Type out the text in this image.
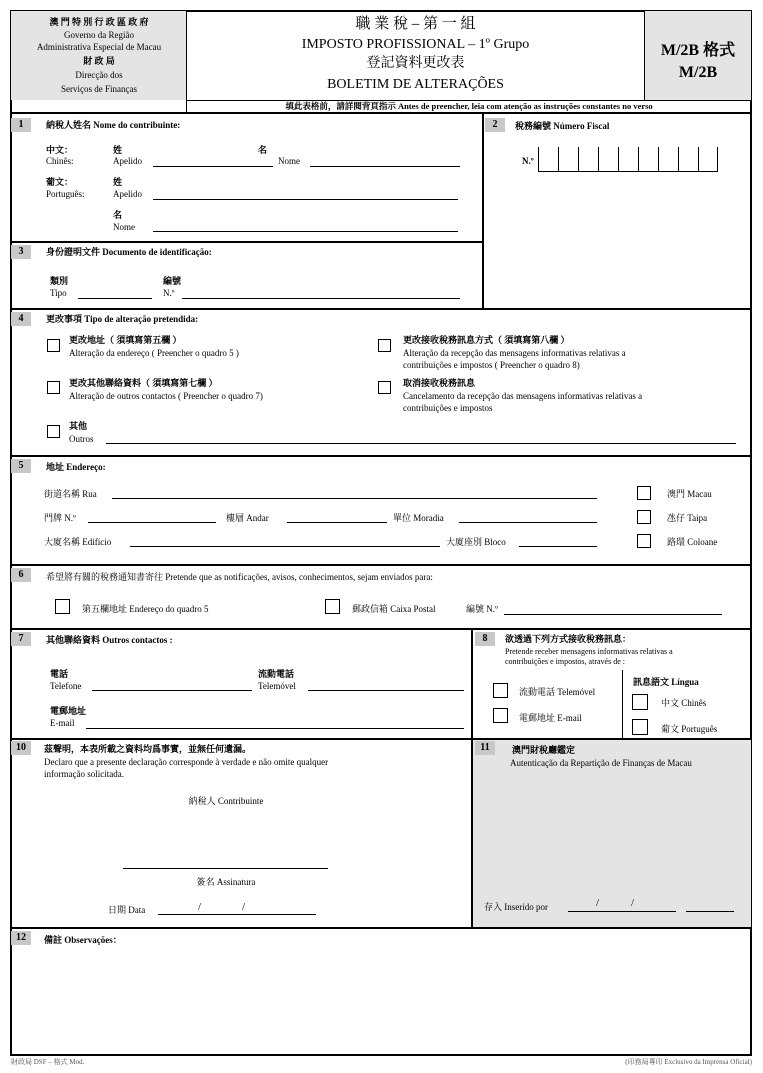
澳 門 特 別 行 政 區 政 府
Governo da Região
Administrativa Especial de Macau
財 政 局
Direcção dos
Serviços de Finanças
職 業 稅 – 第 一 組
IMPOSTO PROFISSIONAL – 1º Grupo
登記資料更改表
BOLETIM DE ALTERAÇÕES
M/2B 格式
M/2B
填此表格前，請詳閱背頁指示 Antes de preencher, leia com atenção as instruções constantes no verso
1	納稅人姓名 Nome do contribuinte:
中文：
Chinês:
姓
Apelido
名
Nome
葡文：
Português:
姓
Apelido
名
Nome
2	稅務編號 Número Fiscal
N.º
3	身份證明文件 Documento de identificação:
類別
Tipo
編號
N.º
4	更改事項 Tipo de alteração pretendida:
更改地址（ 須填寫第五欄 ）
Alteração da endereço ( Preencher o quadro 5 )
更改其他聯絡資料（ 須填寫第七欄 ）
Alteração de outros contactos ( Preencher o quadro 7)
更改接收稅務訊息方式（ 須填寫第八欄 ）
Alteração da recepção das mensagens informativas relativas a
contribuições e impostos ( Preencher o quadro 8)
取消接收稅務訊息
Cancelamento da recepção das mensagens informativas relativas a
contribuições e impostos
其他
Outros
5	地址 Endereço:
街道名稱 Rua
門牌 N.º	樓層 Andar	單位 Moradia
大廈名稱 Edifício	大廈座別 Bloco
澳門 Macau
氹仔 Taipa
路環 Coloane
6	希望將有關的稅務通知書寄往 Pretende que as notificações, avisos, conhecimentos, sejam enviados para:
第五欄地址 Endereço do quadro 5	郵政信箱 Caixa Postal	編號 N.º
7	其他聯絡資料 Outros contactos :
電話
Telefone
流動電話
Telemóvel
電郵地址
E-mail
8	欲透過下列方式接收稅務訊息：
Pretende receber mensagens informativas relativas a
contribuições e impostos, através de :
流動電話 Telemóvel
電郵地址 E-mail
訊息語文 Língua
中文 Chinês
葡文 Português
10	茲聲明，本表所載之資料均爲事實，並無任何遺漏。
Declaro que a presente declaração corresponde à verdade e não omite qualquer
informação solicitada.
納稅人 Contribuinte
簽名 Assinatura
日期 Data	/	/
11	澳門財稅廳鑑定
Autenticação da Repartição de Finanças de Macau
存入 Inserido por	/	/
12	備註 Observações：
財政局 DSF – 格式 Mod.	(印務局專印 Exclusivo da Imprensa Oficial)
